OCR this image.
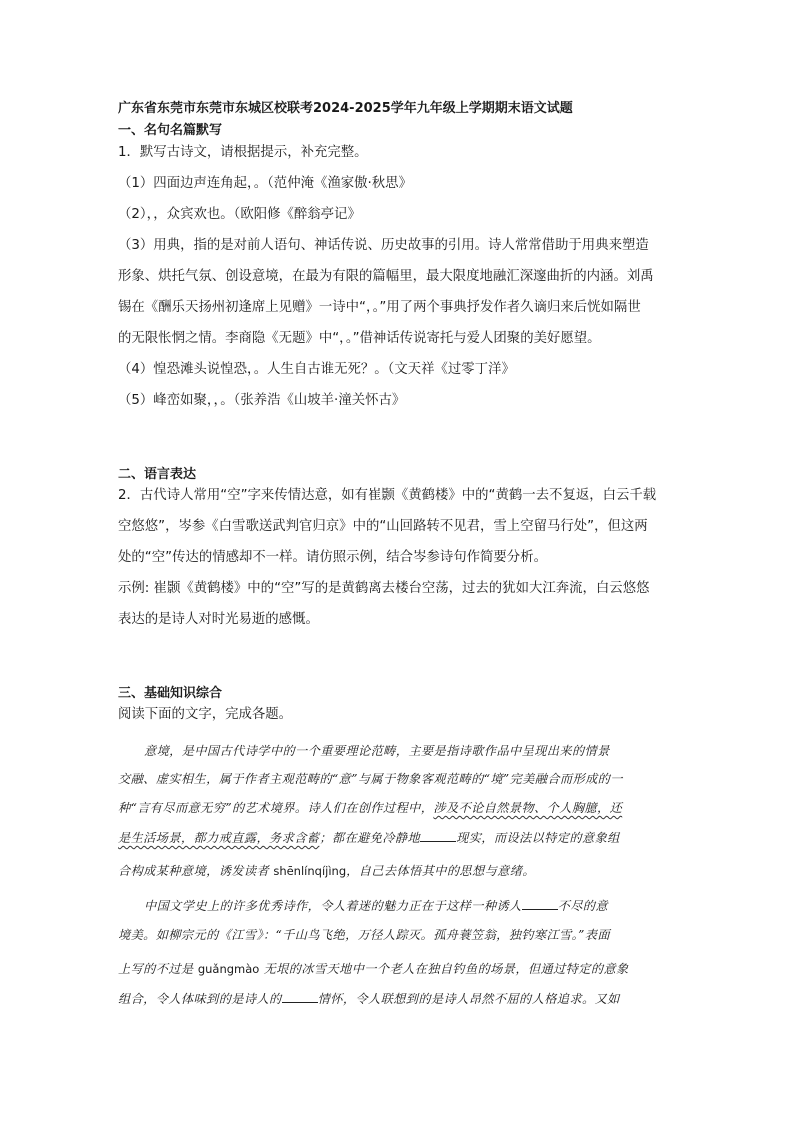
广东省东莞市东莞市东城区校联考2024-2025学年九年级上学期期末语文试题
一、名句名篇默写
1．默写古诗文，请根据提示，补充完整。
（1）四面边声连角起，。（范仲淹《渔家傲·秋思》
（2），，众宾欢也。（欧阳修《醉翁亭记》
（3）用典，指的是对前人语句、神话传说、历史故事的引用。诗人常常借助于用典来塑造
形象、烘托气氛、创设意境，在最为有限的篇幅里，最大限度地融汇深邃曲折的内涵。刘禹
锡在《酬乐天扬州初逢席上见赠》一诗中“，。”用了两个事典抒发作者久谪归来后恍如隔世
的无限怅惘之情。李商隐《无题》中“，。”借神话传说寄托与爱人团聚的美好愿望。
（4）惶恐滩头说惶恐，。人生自古谁无死？。（文天祥《过零丁洋》
（5）峰峦如聚，，。（张养浩《山坡羊·潼关怀古》
二、语言表达
2．古代诗人常用“空”字来传情达意，如有崔颢《黄鹤楼》中的“黄鹤一去不复返，白云千载
空悠悠”，岑参《白雪歌送武判官归京》中的“山回路转不见君，雪上空留马行处”，但这两
处的“空”传达的情感却不一样。请仿照示例，结合岑参诗句作简要分析。
示例: 崔颢《黄鹤楼》中的“空”写的是黄鹤离去楼台空荡，过去的犹如大江奔流，白云悠悠
表达的是诗人对时光易逝的感慨。
三、基础知识综合
阅读下面的文字，完成各题。
意境，是中国古代诗学中的一个重要理论范畴，主要是指诗歌作品中呈现出来的情景
交融、虚实相生，属于作者主观范畴的“意”与属于物象客观范畴的“境”完美融合而形成的一
种“言有尽而意无穷”的艺术境界。诗人们在创作过程中，涉及不论自然景物、个人胸臆，还
是生活场景，都力戒直露，务求含蓄；都在避免冷静地	现实，而设法以特定的意象组
合构成某种意境，诱发读者 shēnlínqíjìng，自己去体悟其中的思想与意绪。
中国文学史上的许多优秀诗作，令人着迷的魅力正在于这样一种诱人	不尽的意
境美。如柳宗元的《江雪》：“千山鸟飞绝，万径人踪灭。孤舟蓑笠翁，独钓寒江雪。”表面
上写的不过是 guǎngmào 无垠的冰雪天地中一个老人在独自钓鱼的场景，但通过特定的意象
组合，令人体味到的是诗人的	情怀，令人联想到的是诗人昂然不屈的人格追求。又如
